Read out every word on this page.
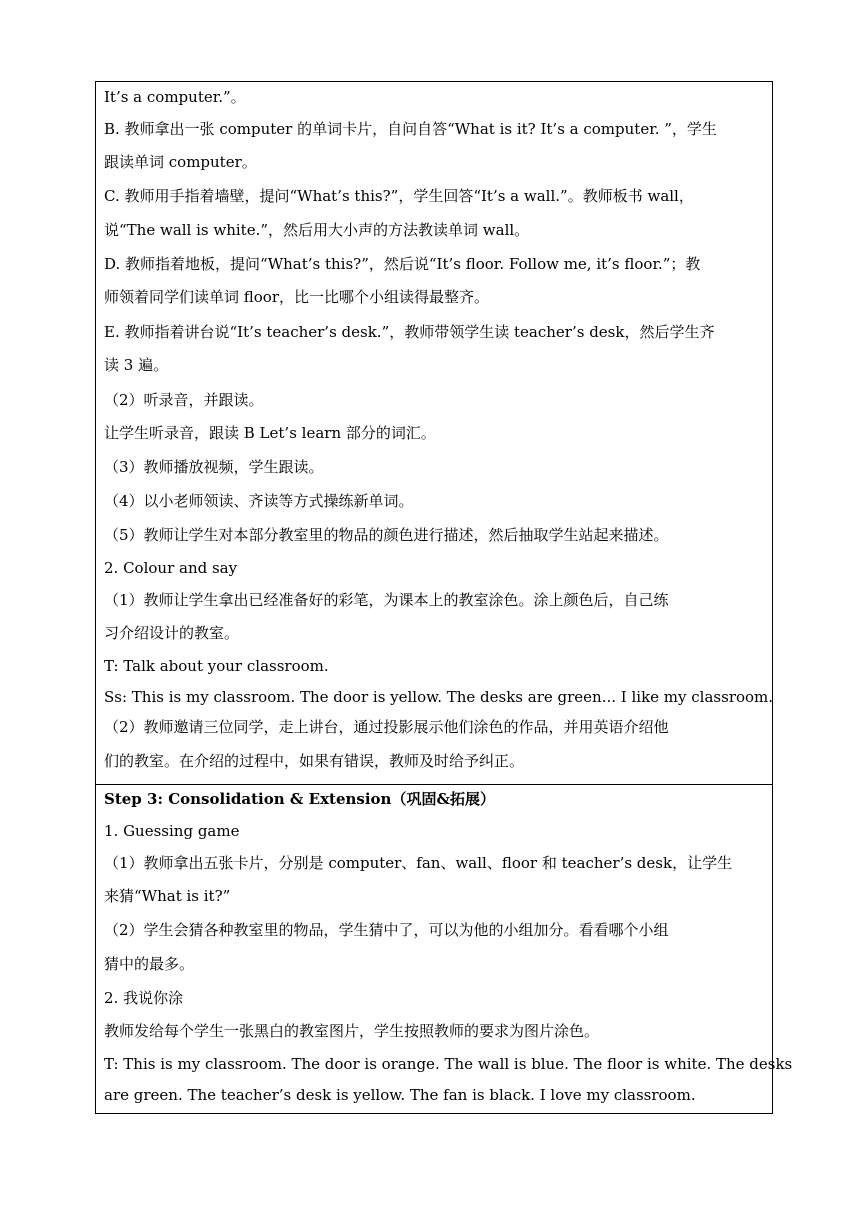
It’s a computer.”。
B. 教师拿出一张 computer 的单词卡片，自问自答“What is it? It’s a computer. ”，学生
跟读单词 computer。
C. 教师用手指着墙壁，提问“What’s this?”，学生回答“It’s a wall.”。教师板书 wall，
说“The wall is white.”，然后用大小声的方法教读单词 wall。
D. 教师指着地板，提问“What’s this?”，然后说“It’s floor. Follow me, it’s floor.”；教
师领着同学们读单词 floor，比一比哪个小组读得最整齐。
E. 教师指着讲台说“It’s teacher’s desk.”，教师带领学生读 teacher’s desk，然后学生齐
读 3 遍。
（2）听录音，并跟读。
让学生听录音，跟读 B Let’s learn 部分的词汇。
（3）教师播放视频，学生跟读。
（4）以小老师领读、齐读等方式操练新单词。
（5）教师让学生对本部分教室里的物品的颜色进行描述，然后抽取学生站起来描述。
2. Colour and say
（1）教师让学生拿出已经准备好的彩笔，为课本上的教室涂色。涂上颜色后，自己练
习介绍设计的教室。
T: Talk about your classroom.
Ss: This is my classroom. The door is yellow. The desks are green... I like my classroom.
（2）教师邀请三位同学，走上讲台，通过投影展示他们涂色的作品，并用英语介绍他
们的教室。在介绍的过程中，如果有错误，教师及时给予纠正。
Step 3: Consolidation & Extension（巩固&拓展）
1. Guessing game
（1）教师拿出五张卡片，分别是 computer、fan、wall、floor 和 teacher’s desk，让学生
来猜“What is it?”
（2）学生会猜各种教室里的物品，学生猜中了，可以为他的小组加分。看看哪个小组
猜中的最多。
2. 我说你涂
教师发给每个学生一张黑白的教室图片，学生按照教师的要求为图片涂色。
T: This is my classroom. The door is orange. The wall is blue. The floor is white. The desks
are green. The teacher’s desk is yellow. The fan is black. I love my classroom.
